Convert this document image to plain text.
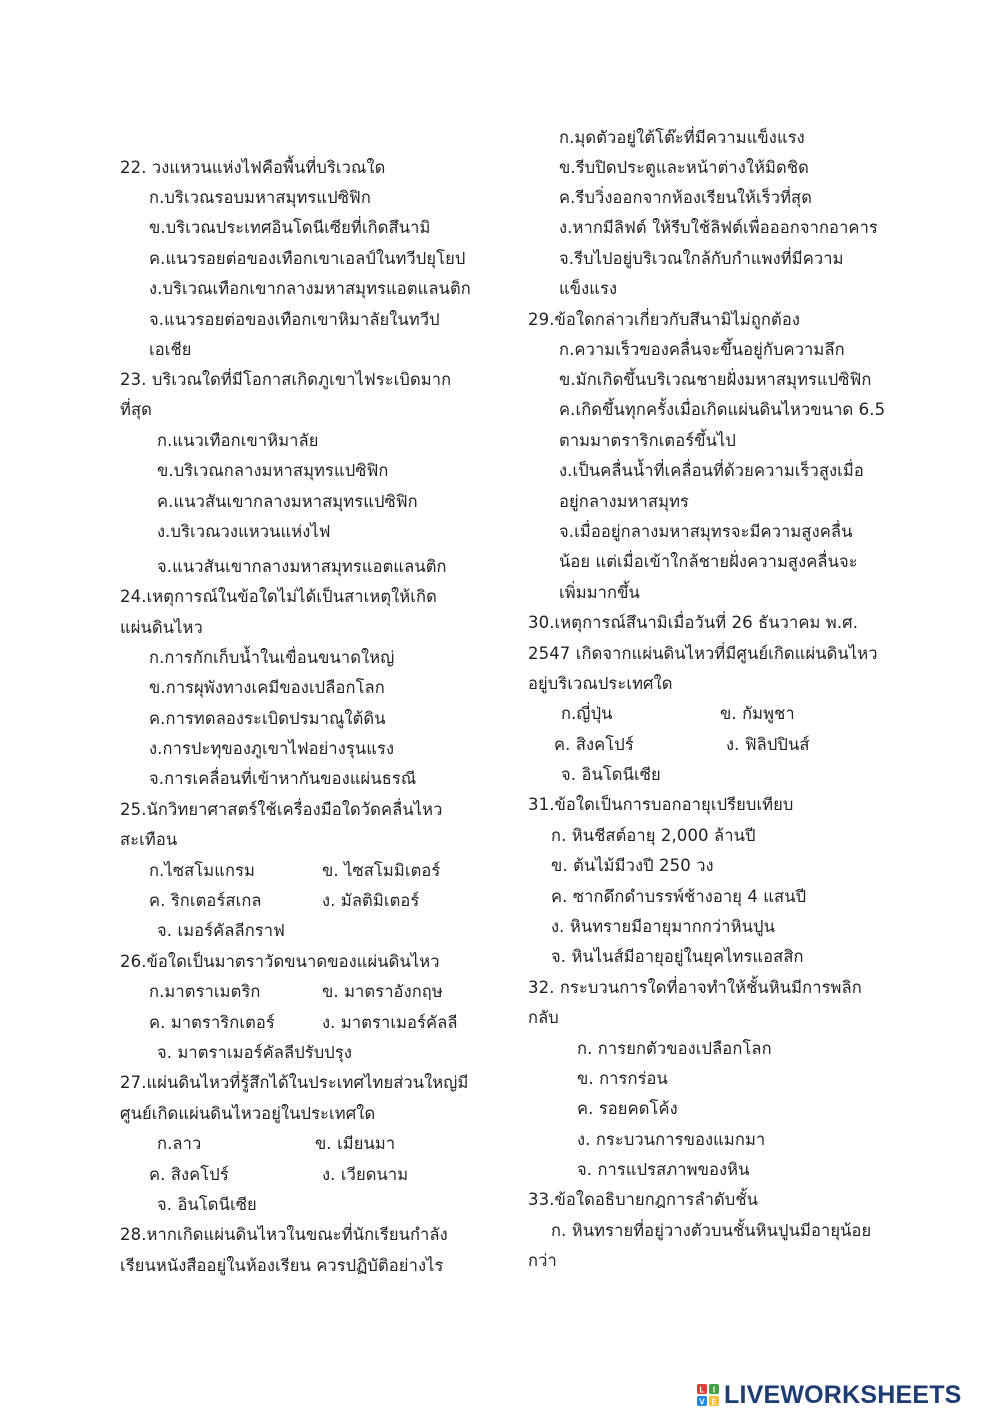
22. วงแหวนแห่งไฟคือพื้นที่บริเวณใด
ก.บริเวณรอบมหาสมุทรแปซิฟิก
ข.บริเวณประเทศอินโดนีเซียที่เกิดสึนามิ
ค.แนวรอยต่อของเทือกเขาเอลป์ในทวีปยุโยป
ง.บริเวณเทือกเขากลางมหาสมุทรแอตแลนติก
จ.แนวรอยต่อของเทือกเขาหิมาลัยในทวีป
เอเชีย
23. บริเวณใดที่มีโอกาสเกิดภูเขาไฟระเบิดมาก
ที่สุด
ก.แนวเทือกเขาหิมาลัย
ข.บริเวณกลางมหาสมุทรแปซิฟิก
ค.แนวสันเขากลางมหาสมุทรแปซิฟิก
ง.บริเวณวงแหวนแห่งไฟ
จ.แนวสันเขากลางมหาสมุทรแอตแลนติก
24.เหตุการณ์ในข้อใดไม่ได้เป็นสาเหตุให้เกิด
แผ่นดินไหว
ก.การกักเก็บน้ำในเขื่อนขนาดใหญ่
ข.การผุพังทางเคมีของเปลือกโลก
ค.การทดลองระเบิดปรมาณูใต้ดิน
ง.การปะทุของภูเขาไฟอย่างรุนแรง
จ.การเคลื่อนที่เข้าหากันของแผ่นธรณี
25.นักวิทยาศาสตร์ใช้เครื่องมือใดวัดคลื่นไหว
สะเทือน
ก.ไซสโมแกรม	ข. ไซสโมมิเตอร์
ค. ริกเตอร์สเกล	ง. มัลติมิเตอร์
จ. เมอร์คัลลีกราฟ
26.ข้อใดเป็นมาตราวัดขนาดของแผ่นดินไหว
ก.มาตราเมตริก	ข. มาตราอังกฤษ
ค. มาตราริกเตอร์	ง. มาตราเมอร์คัลลี
จ. มาตราเมอร์คัลลีปรับปรุง
27.แผ่นดินไหวที่รู้สึกได้ในประเทศไทยส่วนใหญ่มี
ศูนย์เกิดแผ่นดินไหวอยู่ในประเทศใด
ก.ลาว	ข. เมียนมา
ค. สิงคโปร์	ง. เวียดนาม
จ. อินโดนีเซีย
28.หากเกิดแผ่นดินไหวในขณะที่นักเรียนกำลัง
เรียนหนังสืออยู่ในห้องเรียน ควรปฏิบัติอย่างไร
ก.มุดตัวอยู่ใต้โต๊ะที่มีความแข็งแรง
ข.รีบปิดประตูและหน้าต่างให้มิดชิด
ค.รีบวิ่งออกจากห้องเรียนให้เร็วที่สุด
ง.หากมีลิฟต์ ให้รีบใช้ลิฟต์เพื่อออกจากอาคาร
จ.รีบไปอยู่บริเวณใกล้กับกำแพงที่มีความ
แข็งแรง
29.ข้อใดกล่าวเกี่ยวกับสึนามิไม่ถูกต้อง
ก.ความเร็วของคลื่นจะขึ้นอยู่กับความลึก
ข.มักเกิดขึ้นบริเวณชายฝั่งมหาสมุทรแปซิฟิก
ค.เกิดขึ้นทุกครั้งเมื่อเกิดแผ่นดินไหวขนาด 6.5
ตามมาตราริกเตอร์ขึ้นไป
ง.เป็นคลื่นน้ำที่เคลื่อนที่ด้วยความเร็วสูงเมื่อ
อยู่กลางมหาสมุทร
จ.เมื่ออยู่กลางมหาสมุทรจะมีความสูงคลื่น
น้อย แต่เมื่อเข้าใกล้ชายฝั่งความสูงคลื่นจะ
เพิ่มมากขึ้น
30.เหตุการณ์สึนามิเมื่อวันที่ 26 ธันวาคม พ.ศ.
2547 เกิดจากแผ่นดินไหวที่มีศูนย์เกิดแผ่นดินไหว
อยู่บริเวณประเทศใด
ก.ญี่ปุ่น	ข. กัมพูชา
ค. สิงคโปร์	ง. ฟิลิปปินส์
จ. อินโดนีเซีย
31.ข้อใดเป็นการบอกอายุเปรียบเทียบ
ก. หินชีสต์อายุ 2,000 ล้านปี
ข. ต้นไม้มีวงปี 250 วง
ค. ซากดึกดำบรรพ์ช้างอายุ 4 แสนปี
ง. หินทรายมีอายุมากกว่าหินปูน
จ. หินไนส์มีอายุอยู่ในยุคไทรแอสสิก
32. กระบวนการใดที่อาจทำให้ชั้นหินมีการพลิก
กลับ
ก. การยกตัวของเปลือกโลก
ข. การกร่อน
ค. รอยคดโค้ง
ง. กระบวนการของแมกมา
จ. การแปรสภาพของหิน
33.ข้อใดอธิบายกฎการลำดับชั้น
ก. หินทรายที่อยู่วางตัวบนชั้นหินปูนมีอายุน้อย
กว่า
L I
V E LIVEWORKSHEETS
